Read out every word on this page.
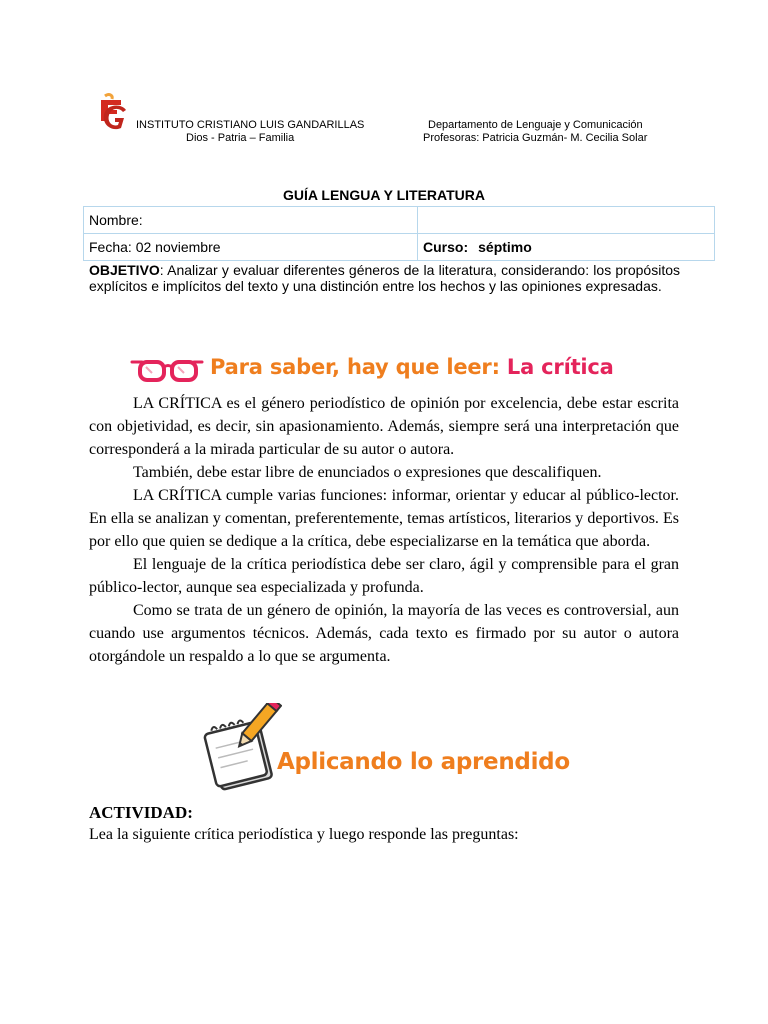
INSTITUTO CRISTIANO LUIS GANDARILLAS
Dios - Patria – Familia
Departamento de Lenguaje y Comunicación
Profesoras: Patricia Guzmán- M. Cecilia Solar
GUÍA LENGUA Y LITERATURA
Nombre:	
Fecha: 02 noviembre	Curso: séptimo
OBJETIVO: Analizar y evaluar diferentes géneros de la literatura, considerando: los propósitos explícitos e implícitos del texto y una distinción entre los hechos y las opiniones expresadas.
Para saber, hay que leer: La crítica

LA CRÍTICA es el género periodístico de opinión por excelencia, debe estar escrita con objetividad, es decir, sin apasionamiento. Además, siempre será una interpretación que corresponderá a la mirada particular de su autor o autora.

También, debe estar libre de enunciados o expresiones que descalifiquen.

LA CRÍTICA cumple varias funciones: informar, orientar y educar al público-lector. En ella se analizan y comentan, preferentemente, temas artísticos, literarios y deportivos. Es por ello que quien se dedique a la crítica, debe especializarse en la temática que aborda.

El lenguaje de la crítica periodística debe ser claro, ágil y comprensible para el gran público-lector, aunque sea especializada y profunda.

Como se trata de un género de opinión, la mayoría de las veces es controversial, aun cuando use argumentos técnicos. Además, cada texto es firmado por su autor o autora otorgándole un respaldo a lo que se argumenta.

Aplicando lo aprendido
ACTIVIDAD:
Lea la siguiente crítica periodística y luego responde las preguntas:
